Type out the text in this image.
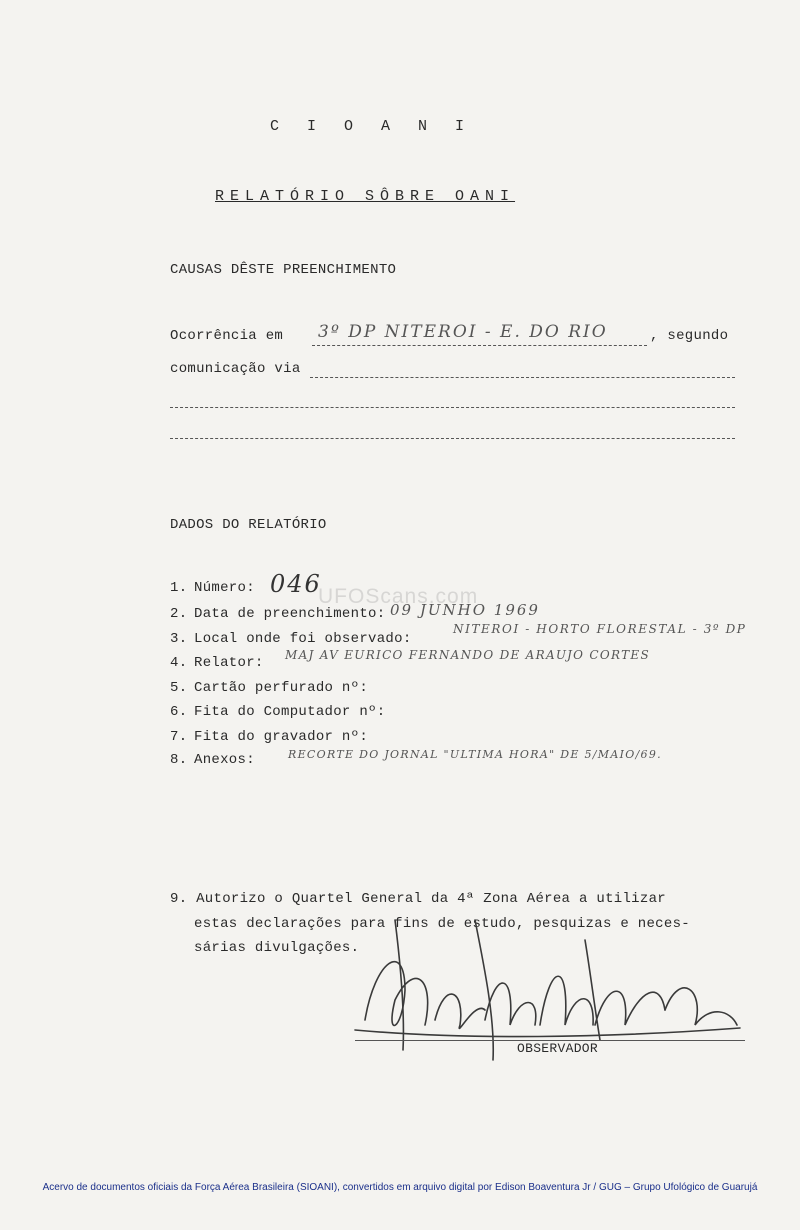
CIOANI
RELATÓRIO SÔBRE OANI
CAUSAS DÊSTE PREENCHIMENTO
Ocorrência em 3º DP NITEROI - E. DO RIO	, segundo
comunicação via
DADOS DO RELATÓRIO
1. Número: 046
2. Data de preenchimento: 09 JUNHO 1969
3. Local onde foi observado:
NITEROI - HORTO FLORESTAL - 3º DP
4. Relator: MAJ AV EURICO FERNANDO DE ARAUJO CORTES
5. Cartão perfurado nº:
6. Fita do Computador nº:
7. Fita do gravador nº:
8. Anexos:	RECORTE DO JORNAL "ULTIMA HORA" DE 5/MAIO/69.
9. Autorizo o Quartel General da 4ª Zona Aérea a utilizar
estas declarações para fins de estudo, pesquizas e neces-
sárias divulgações.
OBSERVADOR
UFOScans.com
Acervo de documentos oficiais da Força Aérea Brasileira (SIOANI), convertidos em arquivo digital por Edison Boaventura Jr / GUG – Grupo Ufológico de Guarujá
